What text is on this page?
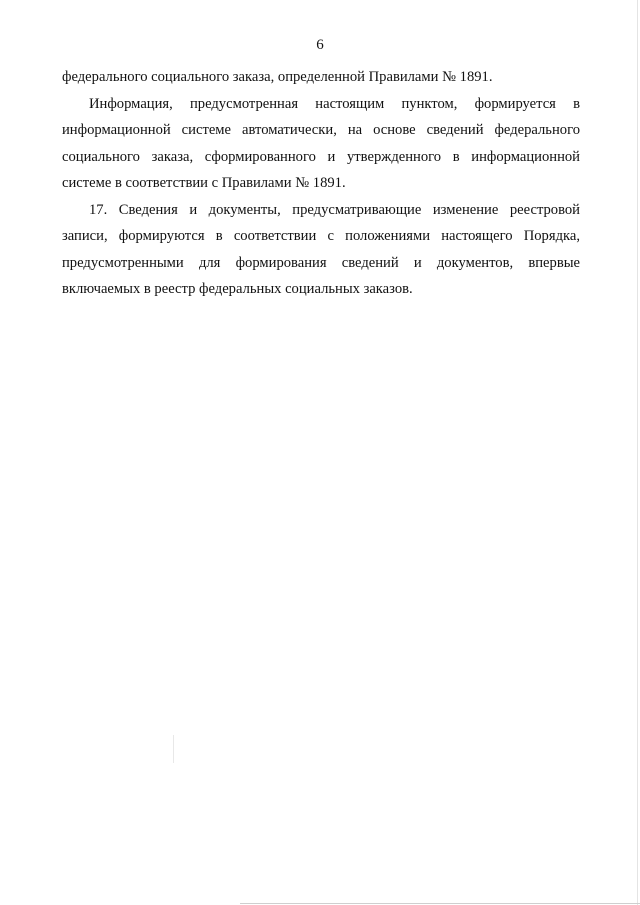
6

федерального социального заказа, определенной Правилами № 1891.

Информация, предусмотренная настоящим пунктом, формируется в информационной системе автоматически, на основе сведений федерального социального заказа, сформированного и утвержденного в информационной системе в соответствии с Правилами № 1891.

17. Сведения и документы, предусматривающие изменение реестровой записи, формируются в соответствии с положениями настоящего Порядка, предусмотренными для формирования сведений и документов, впервые включаемых в реестр федеральных социальных заказов.
